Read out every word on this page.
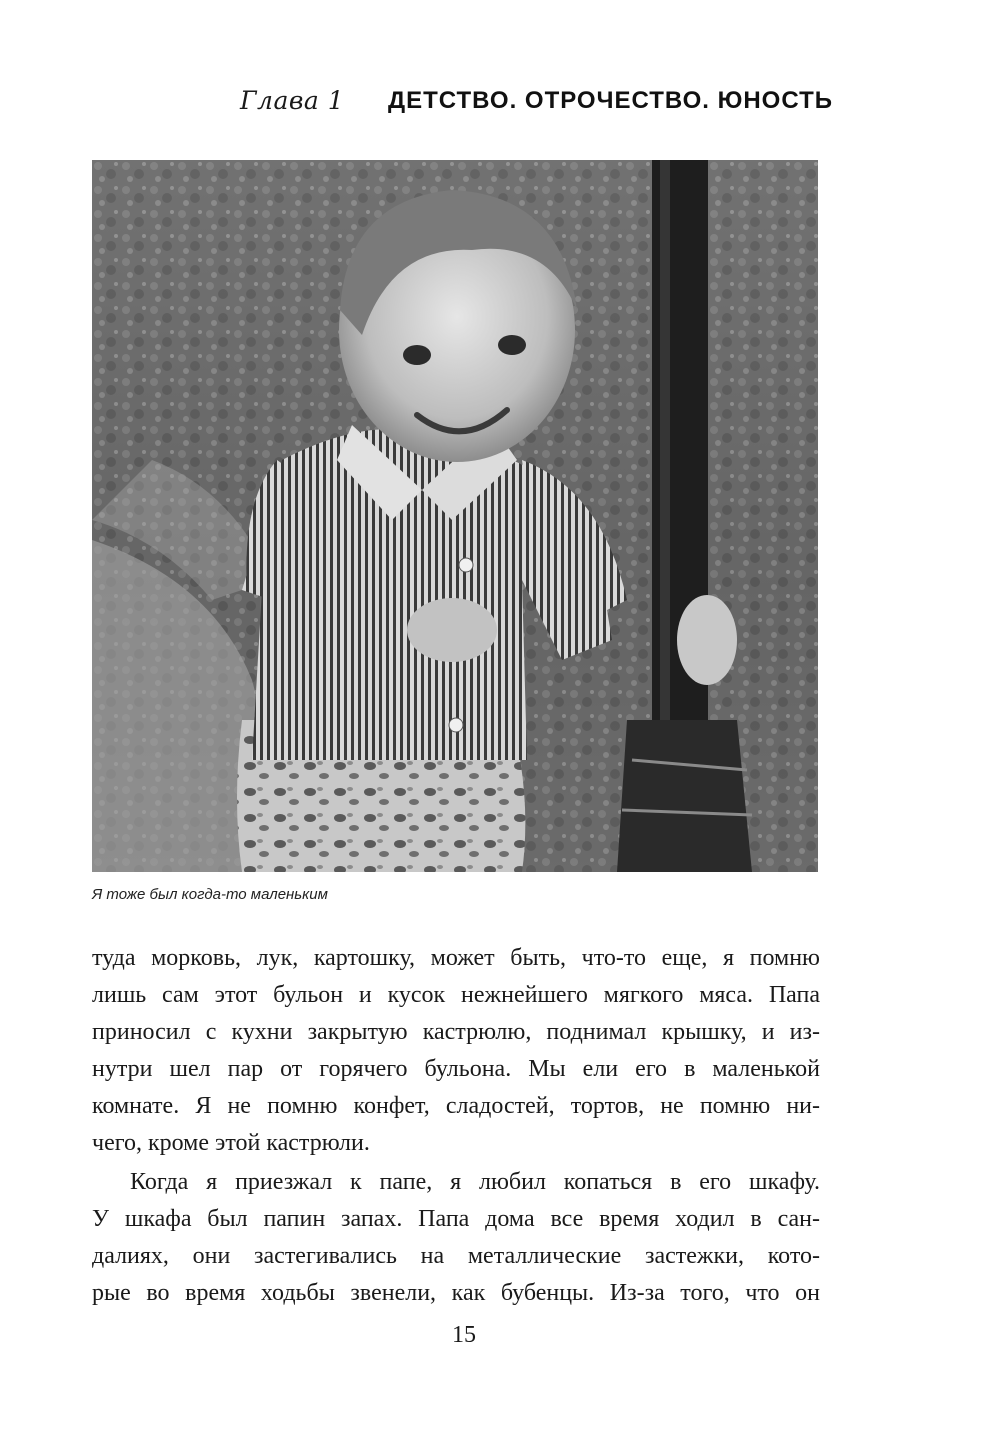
Глава 1 ДЕТСТВО. ОТРОЧЕСТВО. ЮНОСТЬ
Я тоже был когда-то маленьким
туда морковь, лук, картошку, может быть, что-то еще, я помню
лишь сам этот бульон и кусок нежнейшего мягкого мяса. Папа
приносил с кухни закрытую кастрюлю, поднимал крышку, и из-
нутри шел пар от горячего бульона. Мы ели его в маленькой
комнате. Я не помню конфет, сладостей, тортов, не помню ни-
чего, кроме этой кастрюли.
Когда я приезжал к папе, я любил копаться в его шкафу.
У шкафа был папин запах. Папа дома все время ходил в сан-
далиях, они застегивались на металлические застежки, кото-
рые во время ходьбы звенели, как бубенцы. Из-за того, что он
15
